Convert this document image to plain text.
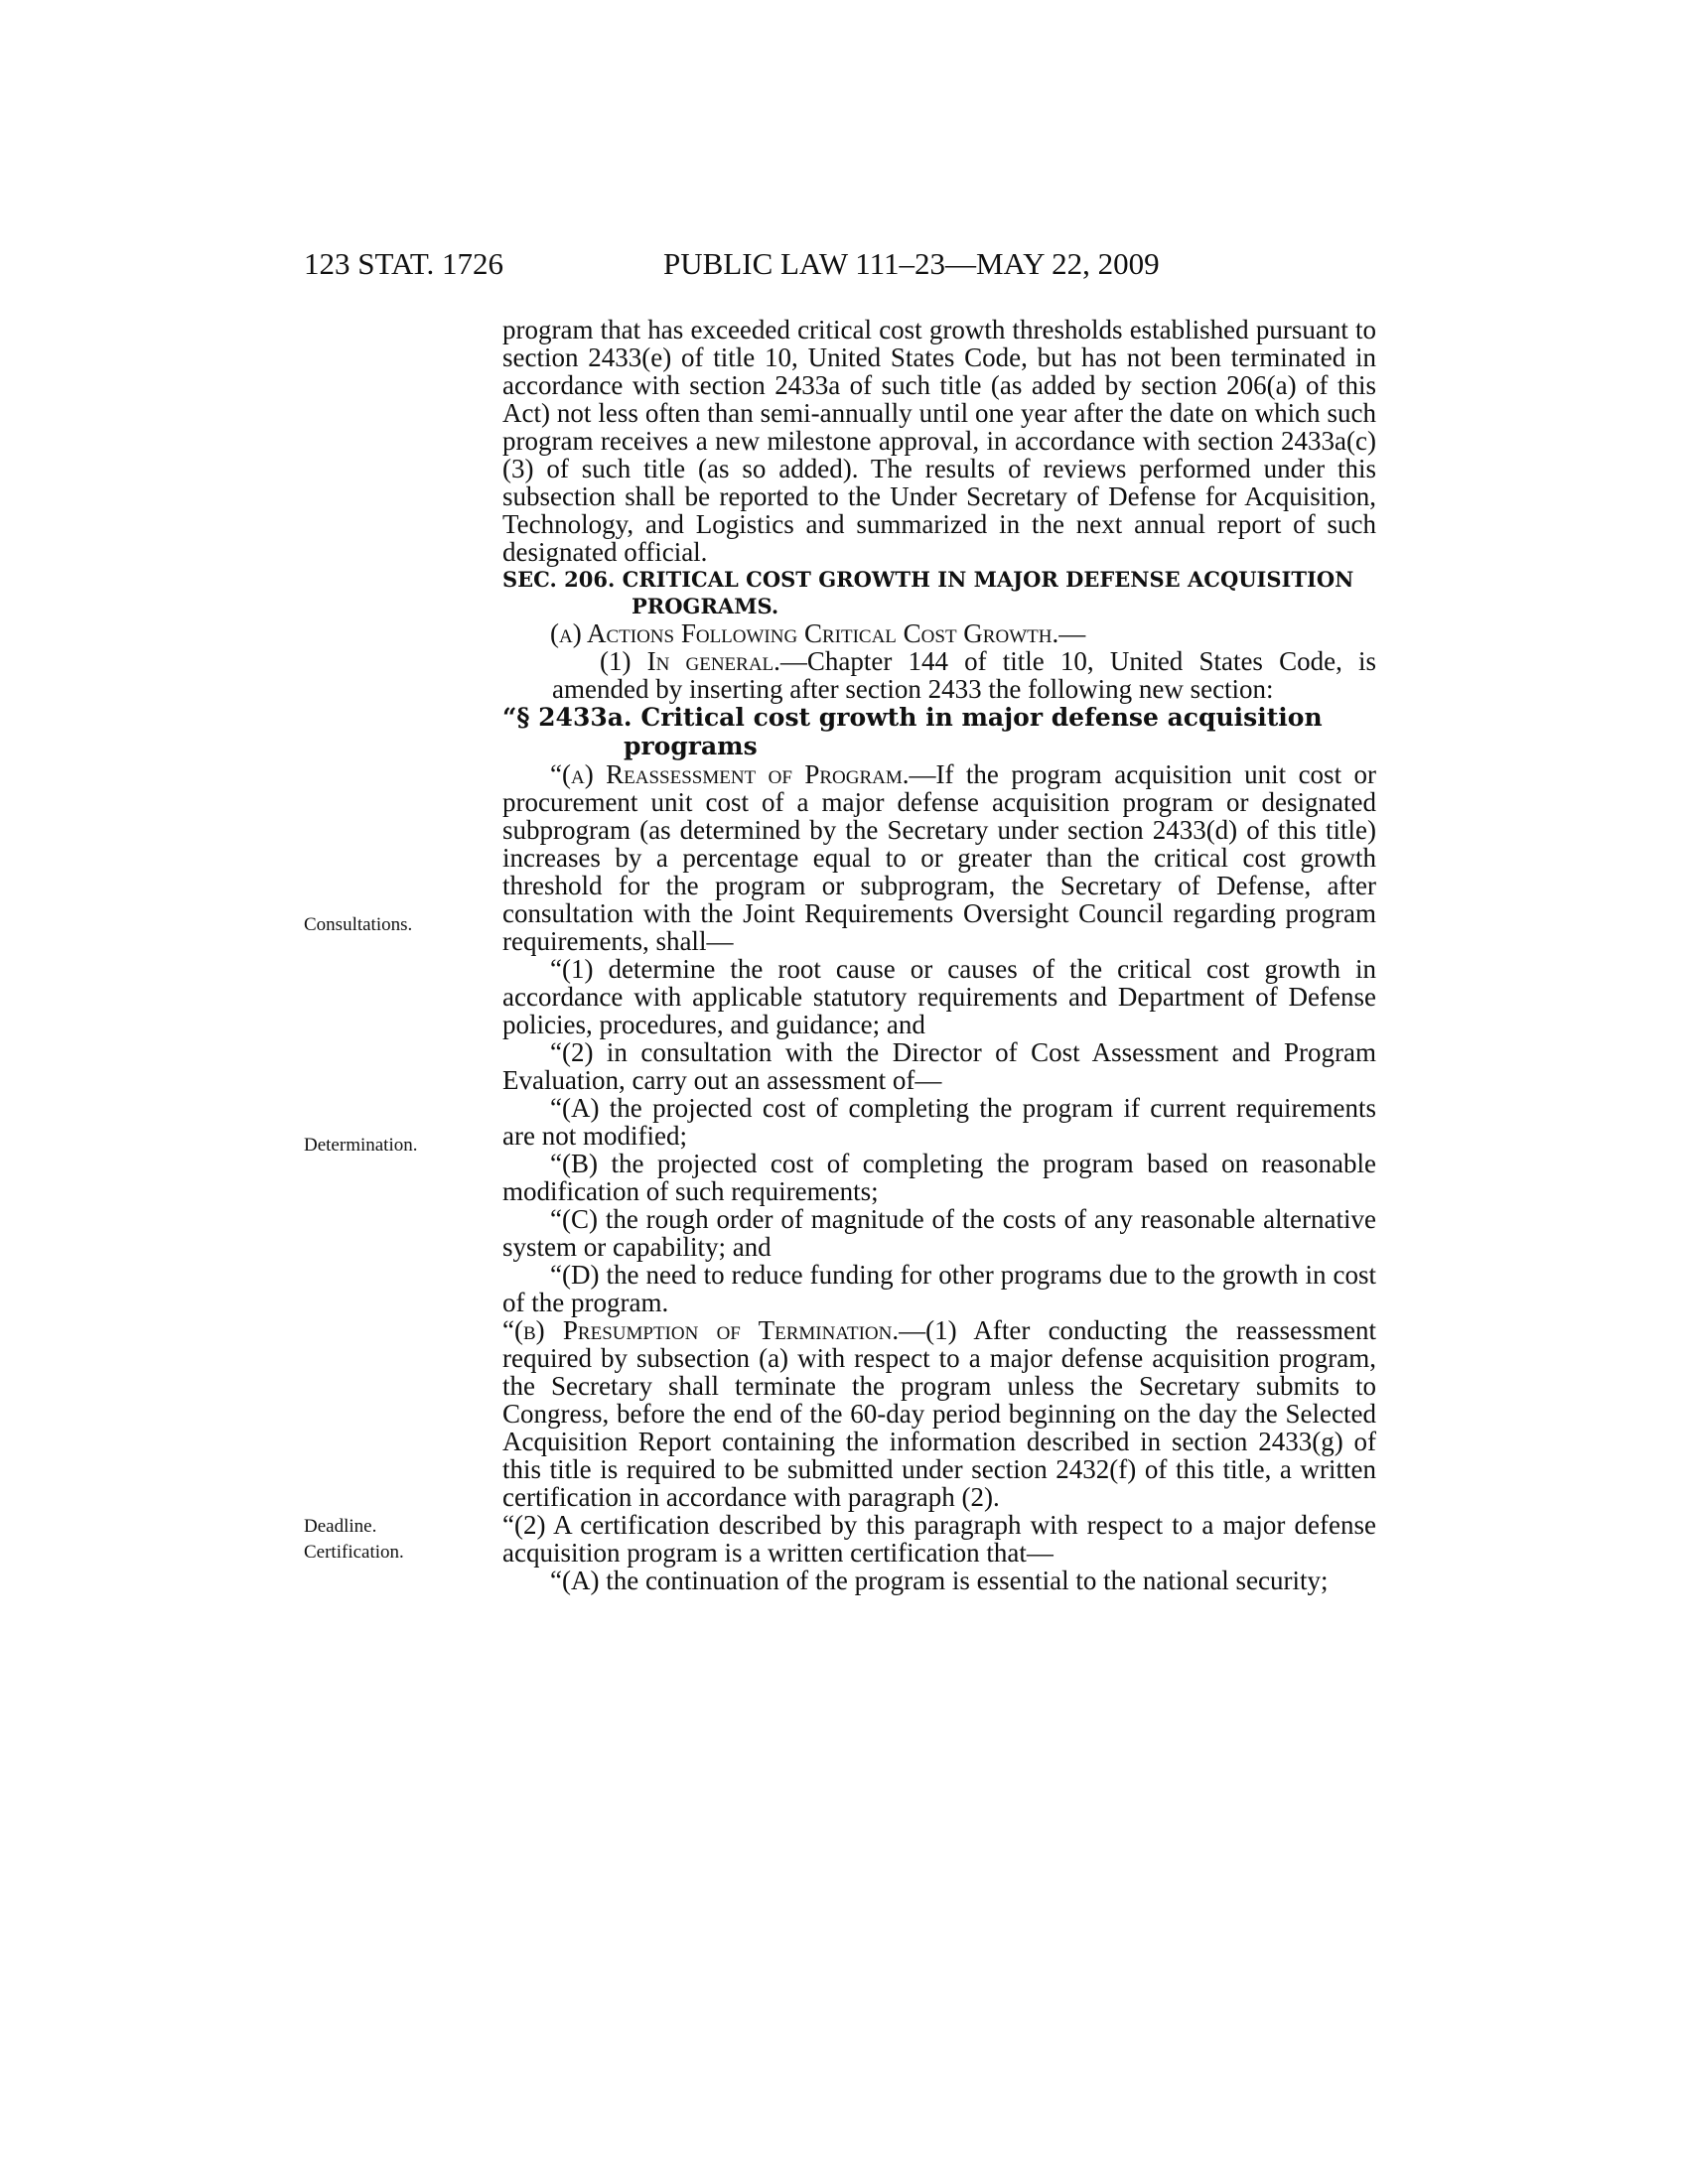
123 STAT. 1726	PUBLIC LAW 111–23—MAY 22, 2009
Consultations.
Determination.
Deadline.
Certification.

program that has exceeded critical cost growth thresholds established pursuant to section 2433(e) of title 10, United States Code, but has not been terminated in accordance with section 2433a of such title (as added by section 206(a) of this Act) not less often than semi-annually until one year after the date on which such program receives a new milestone approval, in accordance with section 2433a(c)(3) of such title (as so added). The results of reviews performed under this subsection shall be reported to the Under Secretary of Defense for Acquisition, Technology, and Logistics and summarized in the next annual report of such designated official.

SEC. 206. CRITICAL COST GROWTH IN MAJOR DEFENSE ACQUISITION PROGRAMS.

(a) Actions Following Critical Cost Growth.—

(1) In general.—Chapter 144 of title 10, United States Code, is amended by inserting after section 2433 the following new section:

“§ 2433a. Critical cost growth in major defense acquisition
programs

“(a) Reassessment of Program.—If the program acquisition unit cost or procurement unit cost of a major defense acquisition program or designated subprogram (as determined by the Secretary under section 2433(d) of this title) increases by a percentage equal to or greater than the critical cost growth threshold for the program or subprogram, the Secretary of Defense, after consultation with the Joint Requirements Oversight Council regarding program requirements, shall—

“(1) determine the root cause or causes of the critical cost growth in accordance with applicable statutory requirements and Department of Defense policies, procedures, and guidance; and

“(2) in consultation with the Director of Cost Assessment and Program Evaluation, carry out an assessment of—

“(A) the projected cost of completing the program if current requirements are not modified;

“(B) the projected cost of completing the program based on reasonable modification of such requirements;

“(C) the rough order of magnitude of the costs of any reasonable alternative system or capability; and

“(D) the need to reduce funding for other programs due to the growth in cost of the program.

“(b) Presumption of Termination.—(1) After conducting the reassessment required by subsection (a) with respect to a major defense acquisition program, the Secretary shall terminate the program unless the Secretary submits to Congress, before the end of the 60-day period beginning on the day the Selected Acquisition Report containing the information described in section 2433(g) of this title is required to be submitted under section 2432(f) of this title, a written certification in accordance with paragraph (2).

“(2) A certification described by this paragraph with respect to a major defense acquisition program is a written certification that—

“(A) the continuation of the program is essential to the national security;
